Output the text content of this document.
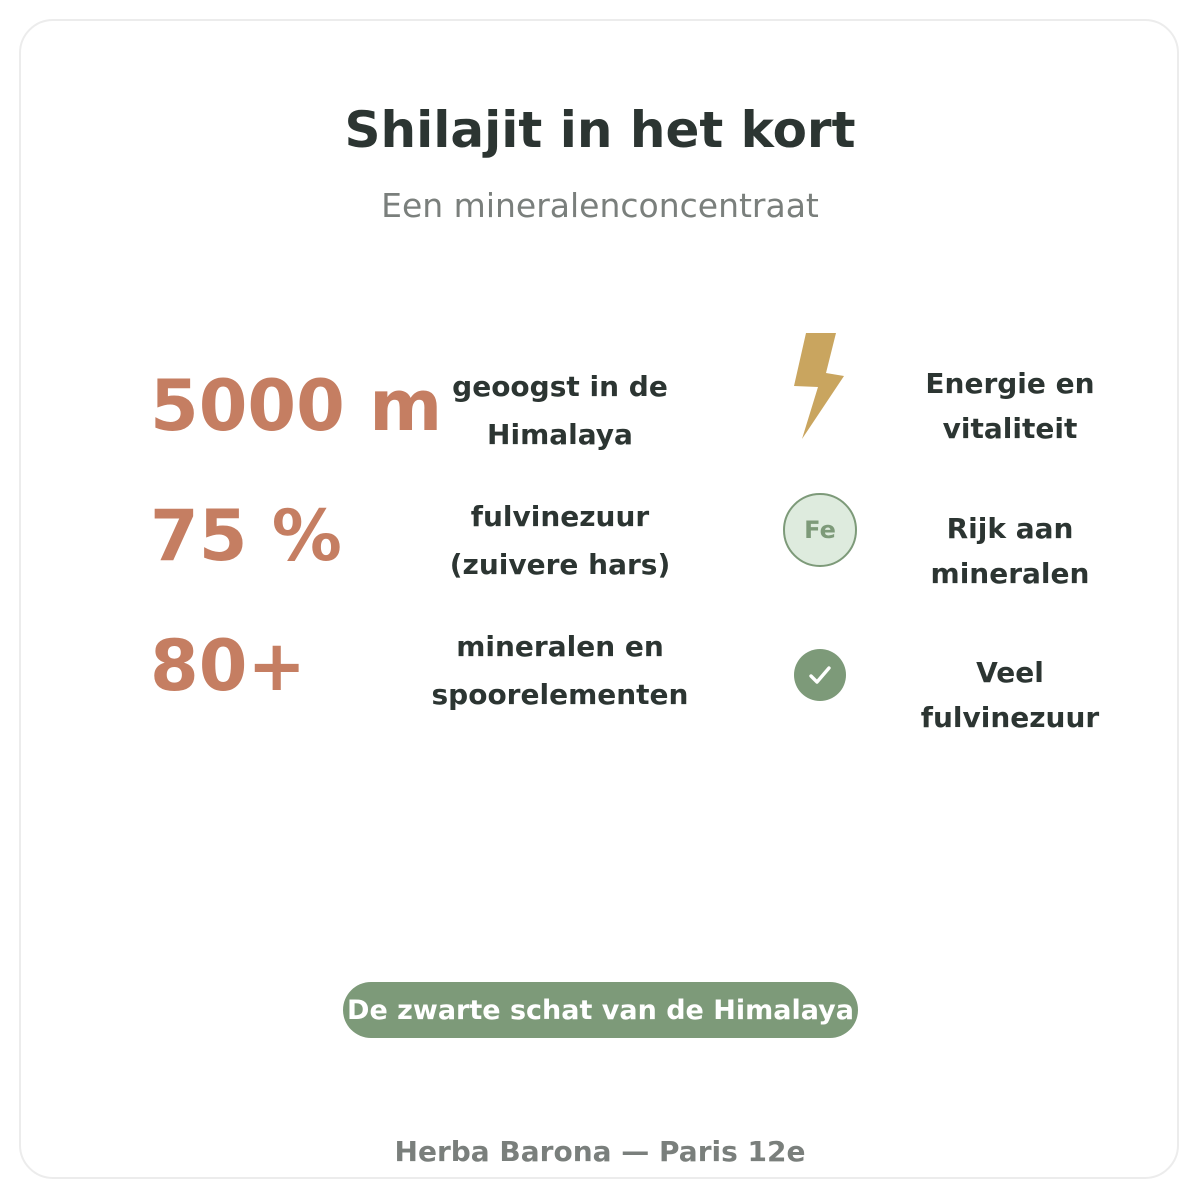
Shilajit in het kort
Een mineralenconcentraat
5000 m geoogst in de Himalaya
75 %	fulvinezuur (zuivere hars)
80+	mineralen en spoorelementen
Fe
Energie en vitaliteit
Rijk aan mineralen
Veel fulvinezuur
De zwarte schat van de Himalaya
Herba Barona — Paris 12e
